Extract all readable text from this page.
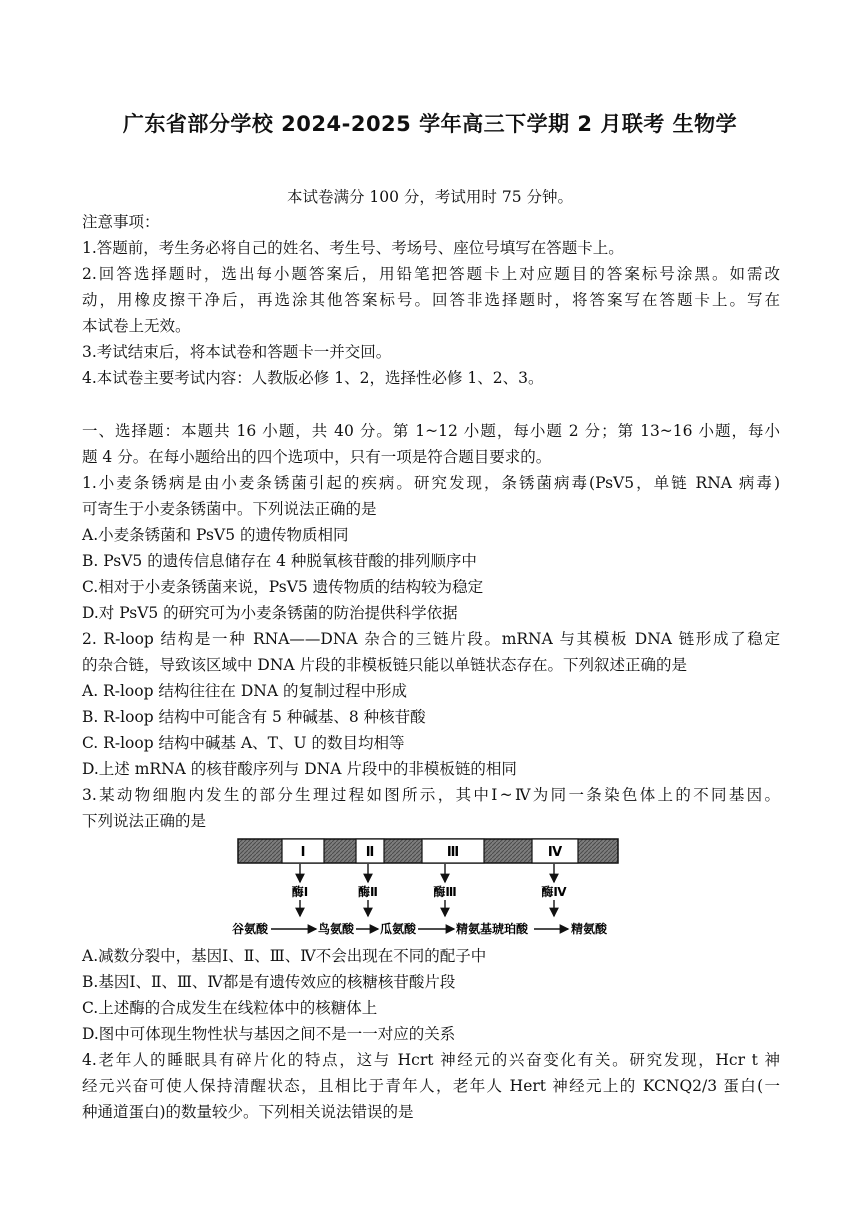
广东省部分学校 2024-2025 学年高三下学期 2 月联考 生物学
本试卷满分 100 分，考试用时 75 分钟。
注意事项：
1.答题前，考生务必将自己的姓名、考生号、考场号、座位号填写在答题卡上。
2.回答选择题时，选出每小题答案后，用铅笔把答题卡上对应题目的答案标号涂黑。如需改
动，用橡皮擦干净后，再选涂其他答案标号。回答非选择题时，将答案写在答题卡上。写在
本试卷上无效。
3.考试结束后，将本试卷和答题卡一并交回。
4.本试卷主要考试内容：人教版必修 1、2，选择性必修 1、2、3。
一、选择题：本题共 16 小题，共 40 分。第 1~12 小题，每小题 2 分；第 13~16 小题，每小
题 4 分。在每小题给出的四个选项中，只有一项是符合题目要求的。
1.小麦条锈病是由小麦条锈菌引起的疾病。研究发现，条锈菌病毒(PsV5，单链 RNA 病毒)
可寄生于小麦条锈菌中。下列说法正确的是
A.小麦条锈菌和 PsV5 的遗传物质相同
B. PsV5 的遗传信息储存在 4 种脱氧核苷酸的排列顺序中
C.相对于小麦条锈菌来说，PsV5 遗传物质的结构较为稳定
D.对 PsV5 的研究可为小麦条锈菌的防治提供科学依据
2. R-loop 结构是一种 RNA——DNA 杂合的三链片段。mRNA 与其模板 DNA 链形成了稳定
的杂合链，导致该区域中 DNA 片段的非模板链只能以单链状态存在。下列叙述正确的是
A. R-loop 结构往往在 DNA 的复制过程中形成
B. R-loop 结构中可能含有 5 种碱基、8 种核苷酸
C. R-loop 结构中碱基 A、T、U 的数目均相等
D.上述 mRNA 的核苷酸序列与 DNA 片段中的非模板链的相同
3.某动物细胞内发生的部分生理过程如图所示，其中Ⅰ~Ⅳ为同一条染色体上的不同基因。
下列说法正确的是
Ⅰ	Ⅱ	Ⅲ	Ⅳ
酶Ⅰ	酶Ⅱ	酶Ⅲ	酶Ⅳ
谷氨酸	鸟氨酸 瓜氨酸	精氨基琥珀酸	精氨酸
A.减数分裂中，基因Ⅰ、Ⅱ、Ⅲ、Ⅳ不会出现在不同的配子中
B.基因Ⅰ、Ⅱ、Ⅲ、Ⅳ都是有遗传效应的核糖核苷酸片段
C.上述酶的合成发生在线粒体中的核糖体上
D.图中可体现生物性状与基因之间不是一一对应的关系
4.老年人的睡眠具有碎片化的特点，这与 Hcrt 神经元的兴奋变化有关。研究发现，Hcr t 神
经元兴奋可使人保持清醒状态，且相比于青年人，老年人 Hert 神经元上的 KCNQ2/3 蛋白(一
种通道蛋白)的数量较少。下列相关说法错误的是
